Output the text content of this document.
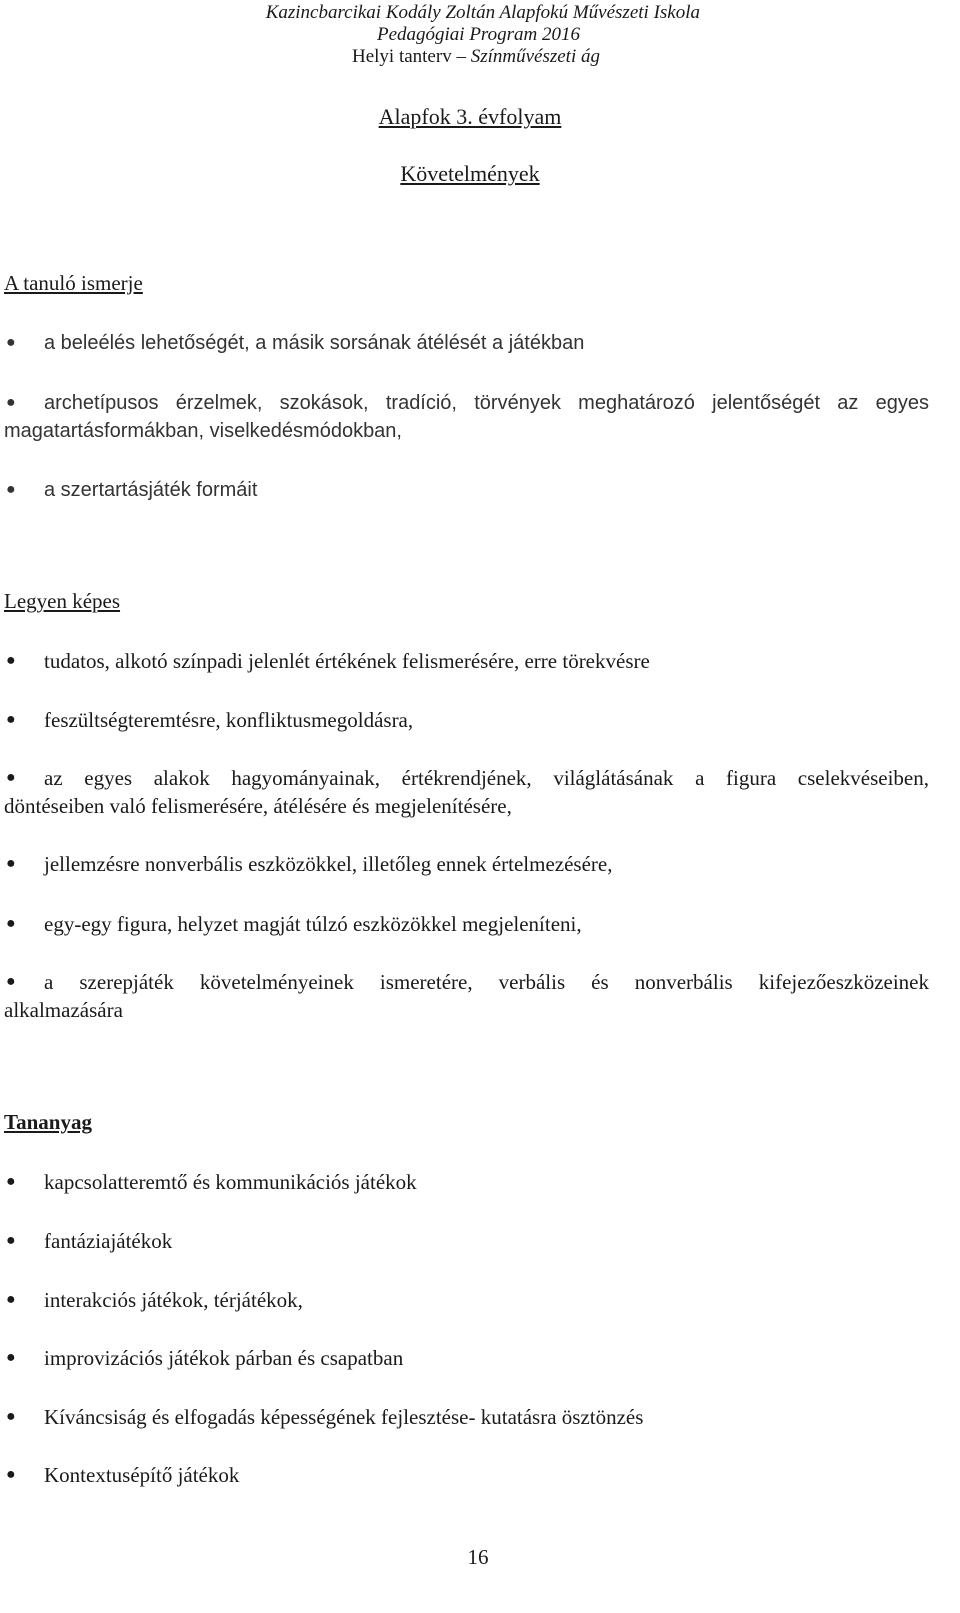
Kazincbarcikai Kodály Zoltán Alapfokú Művészeti Iskola
Pedagógiai Program 2016
Helyi tanterv – Színművészeti ág
Alapfok 3. évfolyam
Követelmények
A tanuló ismerje
● a beleélés lehetőségét, a másik sorsának átélését a játékban
● archetípusos érzelmek, szokások, tradíció, törvények meghatározó jelentőségét az egyes
magatartásformákban, viselkedésmódokban,
● a szertartásjáték formáit
Legyen képes
● tudatos, alkotó színpadi jelenlét értékének felismerésére, erre törekvésre
● feszültségteremtésre, konfliktusmegoldásra,
● az egyes alakok hagyományainak, értékrendjének, világlátásának a figura cselekvéseiben,
döntéseiben való felismerésére, átélésére és megjelenítésére,
● jellemzésre nonverbális eszközökkel, illetőleg ennek értelmezésére,
● egy-egy figura, helyzet magját túlzó eszközökkel megjeleníteni,
● a szerepjáték követelményeinek ismeretére, verbális és nonverbális kifejezőeszközeinek
alkalmazására
Tananyag
● kapcsolatteremtő és kommunikációs játékok
● fantáziajátékok
● interakciós játékok, térjátékok,
● improvizációs játékok párban és csapatban
● Kíváncsiság és elfogadás képességének fejlesztése- kutatásra ösztönzés
● Kontextusépítő játékok
16
